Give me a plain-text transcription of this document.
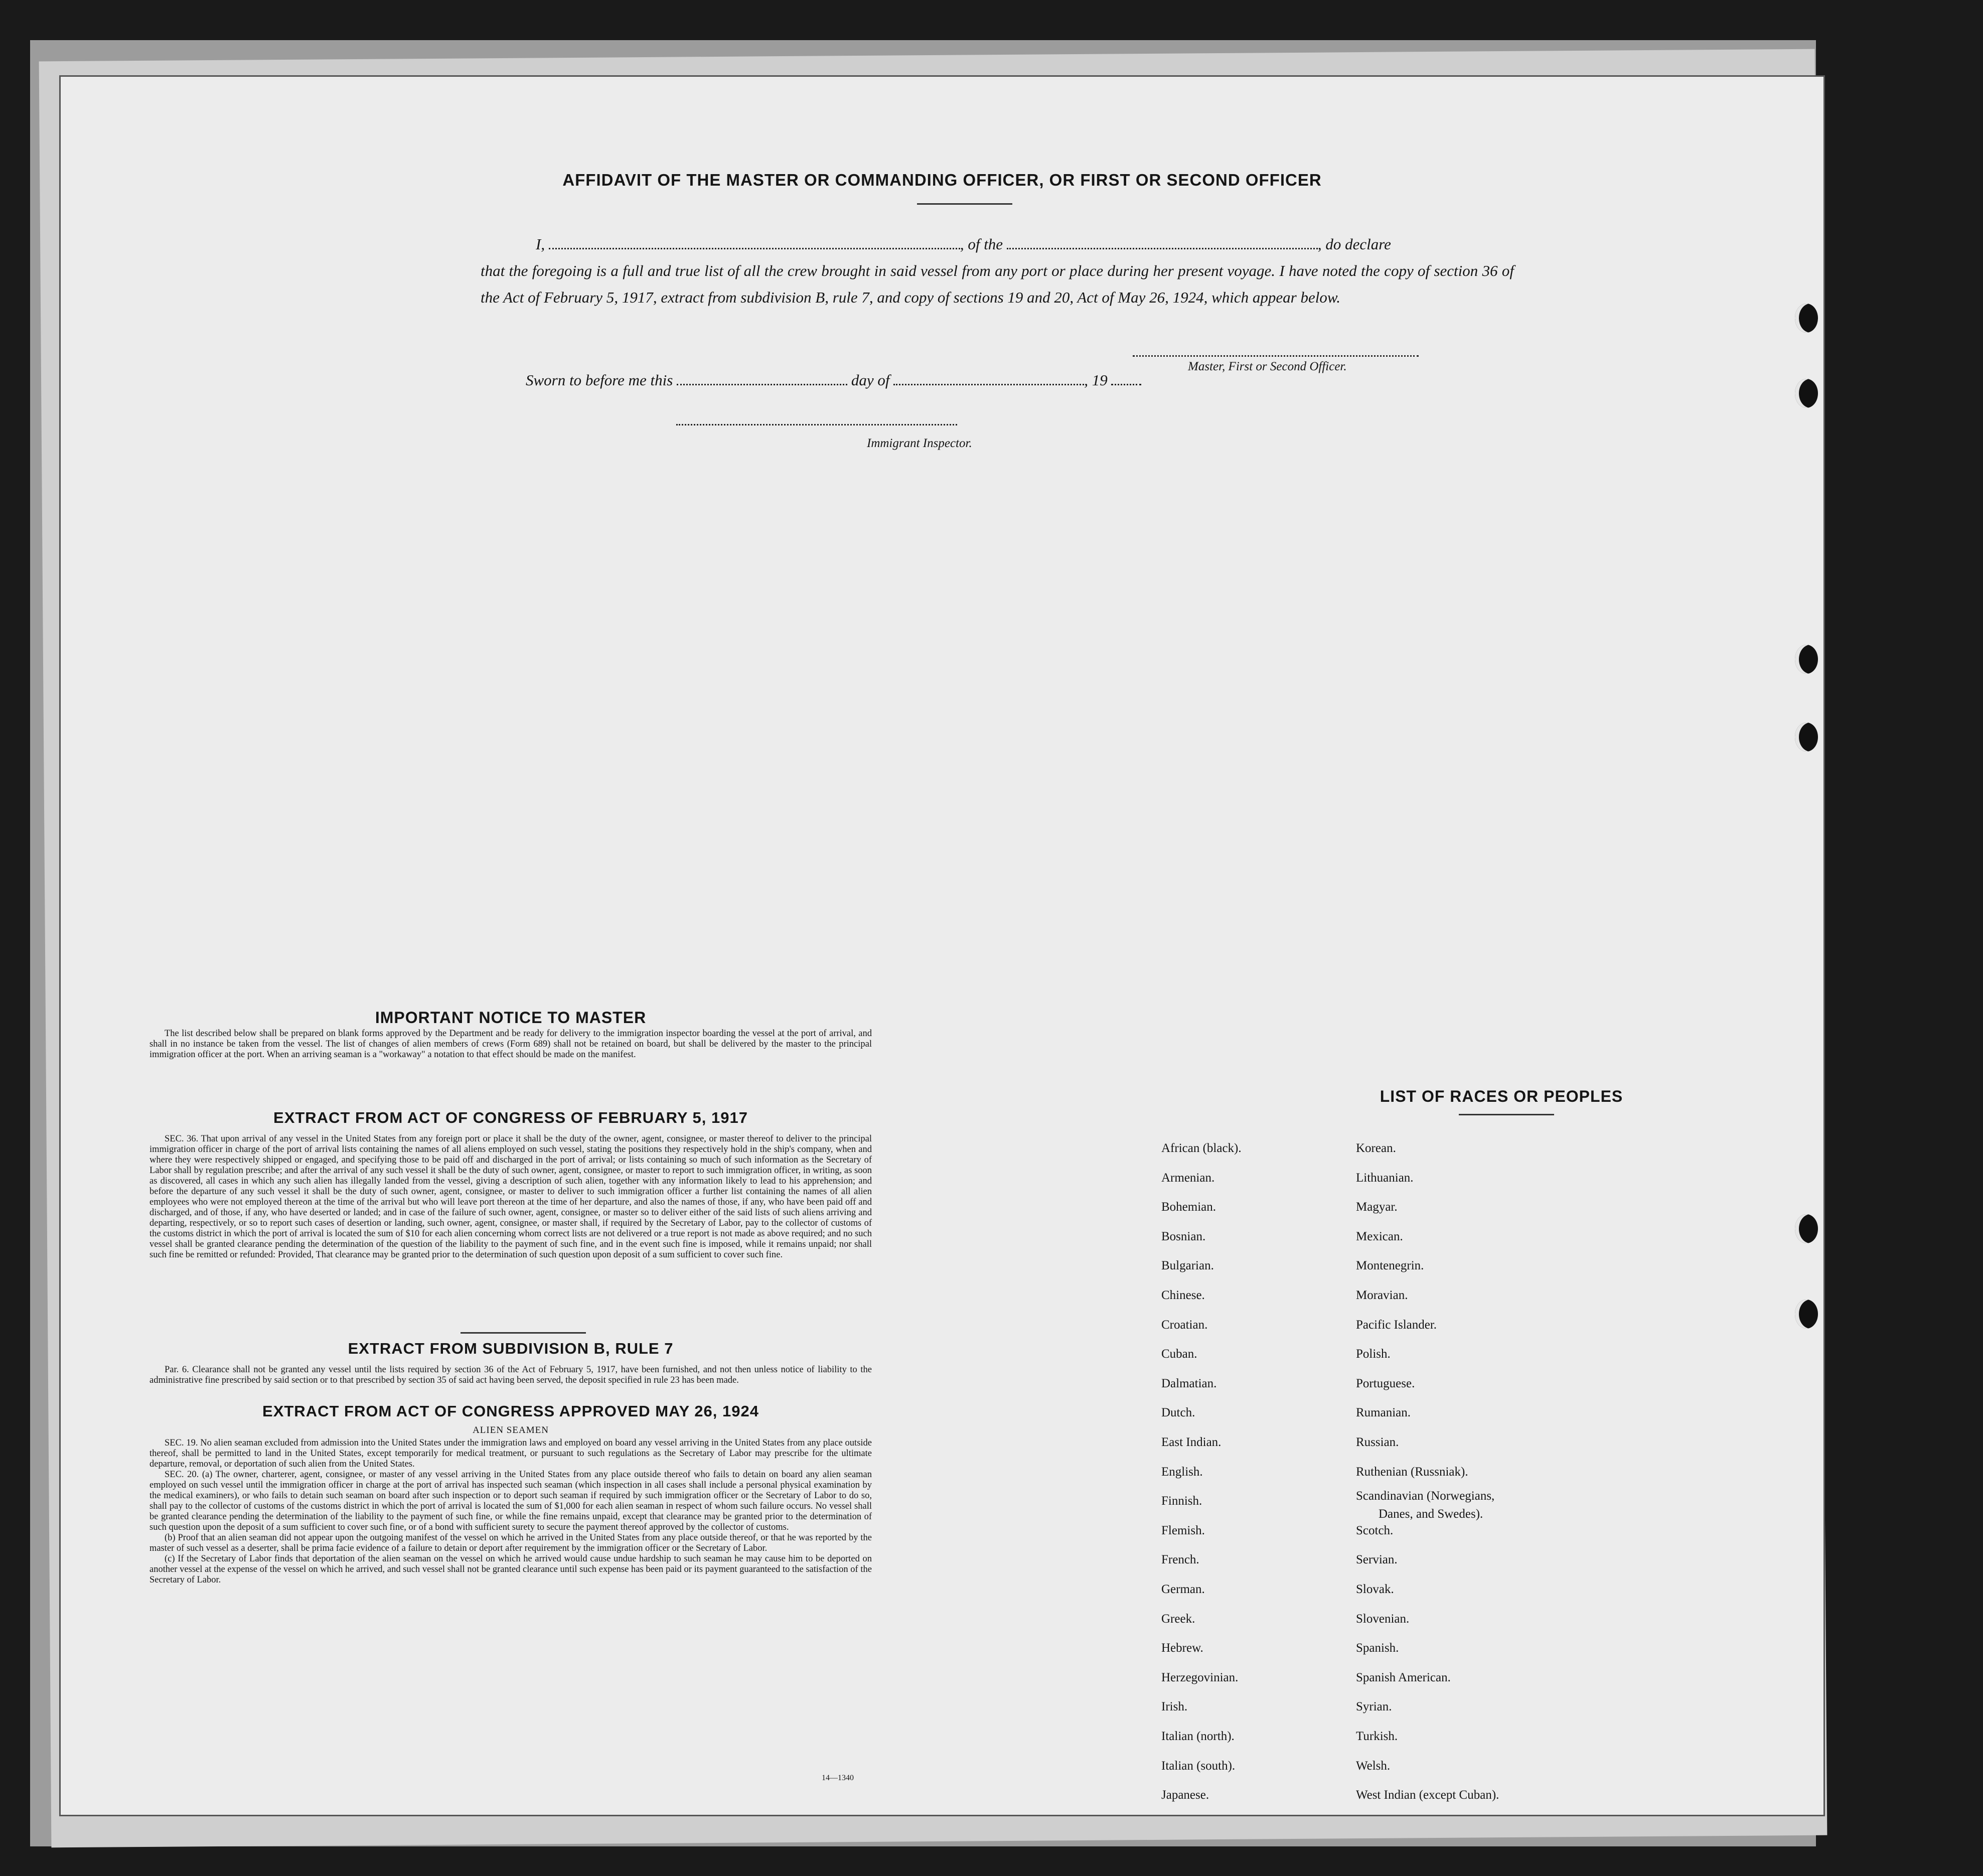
AFFIDAVIT OF THE MASTER OR COMMANDING OFFICER, OR FIRST OR SECOND OFFICER

I,	, of the	, do declare

that the foregoing is a full and true list of all the crew brought in said vessel from any port or place during her present voyage. I have noted the copy of section 36 of the Act of February 5, 1917, extract from subdivision B, rule 7, and copy of sections 19 and 20, Act of May 26, 1924, which appear below.

Master, First or Second Officer.
Sworn to before me this	day of	, 19
Immigrant Inspector.
IMPORTANT NOTICE TO MASTER

The list described below shall be prepared on blank forms approved by the Department and be ready for delivery to the immigration inspector boarding the vessel at the port of arrival, and shall in no instance be taken from the vessel. The list of changes of alien members of crews (Form 689) shall not be retained on board, but shall be delivered by the master to the principal immigration officer at the port. When an arriving seaman is a "workaway" a notation to that effect should be made on the manifest.

EXTRACT FROM ACT OF CONGRESS OF FEBRUARY 5, 1917

SEC. 36. That upon arrival of any vessel in the United States from any foreign port or place it shall be the duty of the owner, agent, consignee, or master thereof to deliver to the principal immigration officer in charge of the port of arrival lists containing the names of all aliens employed on such vessel, stating the positions they respectively hold in the ship's company, when and where they were respectively shipped or engaged, and specifying those to be paid off and discharged in the port of arrival; or lists containing so much of such information as the Secretary of Labor shall by regulation prescribe; and after the arrival of any such vessel it shall be the duty of such owner, agent, consignee, or master to report to such immigration officer, in writing, as soon as discovered, all cases in which any such alien has illegally landed from the vessel, giving a description of such alien, together with any information likely to lead to his apprehension; and before the departure of any such vessel it shall be the duty of such owner, agent, consignee, or master to deliver to such immigration officer a further list containing the names of all alien employees who were not employed thereon at the time of the arrival but who will leave port thereon at the time of her departure, and also the names of those, if any, who have been paid off and discharged, and of those, if any, who have deserted or landed; and in case of the failure of such owner, agent, consignee, or master so to deliver either of the said lists of such aliens arriving and departing, respectively, or so to report such cases of desertion or landing, such owner, agent, consignee, or master shall, if required by the Secretary of Labor, pay to the collector of customs of the customs district in which the port of arrival is located the sum of $10 for each alien concerning whom correct lists are not delivered or a true report is not made as above required; and no such vessel shall be granted clearance pending the determination of the question of the liability to the payment of such fine, and in the event such fine is imposed, while it remains unpaid; nor shall such fine be remitted or refunded: Provided, That clearance may be granted prior to the determination of such question upon deposit of a sum sufficient to cover such fine.

EXTRACT FROM SUBDIVISION B, RULE 7

Par. 6. Clearance shall not be granted any vessel until the lists required by section 36 of the Act of February 5, 1917, have been furnished, and not then unless notice of liability to the administrative fine prescribed by said section or to that prescribed by section 35 of said act having been served, the deposit specified in rule 23 has been made.

EXTRACT FROM ACT OF CONGRESS APPROVED MAY 26, 1924
ALIEN SEAMEN

SEC. 19. No alien seaman excluded from admission into the United States under the immigration laws and employed on board any vessel arriving in the United States from any place outside thereof, shall be permitted to land in the United States, except temporarily for medical treatment, or pursuant to such regulations as the Secretary of Labor may prescribe for the ultimate departure, removal, or deportation of such alien from the United States.

SEC. 20. (a) The owner, charterer, agent, consignee, or master of any vessel arriving in the United States from any place outside thereof who fails to detain on board any alien seaman employed on such vessel until the immigration officer in charge at the port of arrival has inspected such seaman (which inspection in all cases shall include a personal physical examination by the medical examiners), or who fails to detain such seaman on board after such inspection or to deport such seaman if required by such immigration officer or the Secretary of Labor to do so, shall pay to the collector of customs of the customs district in which the port of arrival is located the sum of $1,000 for each alien seaman in respect of whom such failure occurs. No vessel shall be granted clearance pending the determination of the liability to the payment of such fine, or while the fine remains unpaid, except that clearance may be granted prior to the determination of such question upon the deposit of a sum sufficient to cover such fine, or of a bond with sufficient surety to secure the payment thereof approved by the collector of customs.

(b) Proof that an alien seaman did not appear upon the outgoing manifest of the vessel on which he arrived in the United States from any place outside thereof, or that he was reported by the master of such vessel as a deserter, shall be prima facie evidence of a failure to detain or deport after requirement by the immigration officer or the Secretary of Labor.

(c) If the Secretary of Labor finds that deportation of the alien seaman on the vessel on which he arrived would cause undue hardship to such seaman he may cause him to be deported on another vessel at the expense of the vessel on which he arrived, and such vessel shall not be granted clearance until such expense has been paid or its payment guaranteed to the satisfaction of the Secretary of Labor.

14—1340
LIST OF RACES OR PEOPLES
African (black).
Armenian.
Bohemian.
Bosnian.
Bulgarian.
Chinese.
Croatian.
Cuban.
Dalmatian.
Dutch.
East Indian.
English.
Finnish.
Flemish.
French.
German.
Greek.
Hebrew.
Herzegovinian.
Irish.
Italian (north).
Italian (south).
Japanese.
Korean.
Lithuanian.
Magyar.
Mexican.
Montenegrin.
Moravian.
Pacific Islander.
Polish.
Portuguese.
Rumanian.
Russian.
Ruthenian (Russniak).
Scandinavian (Norwegians,
Danes, and Swedes).
Scotch.
Servian.
Slovak.
Slovenian.
Spanish.
Spanish American.
Syrian.
Turkish.
Welsh.
West Indian (except Cuban).
